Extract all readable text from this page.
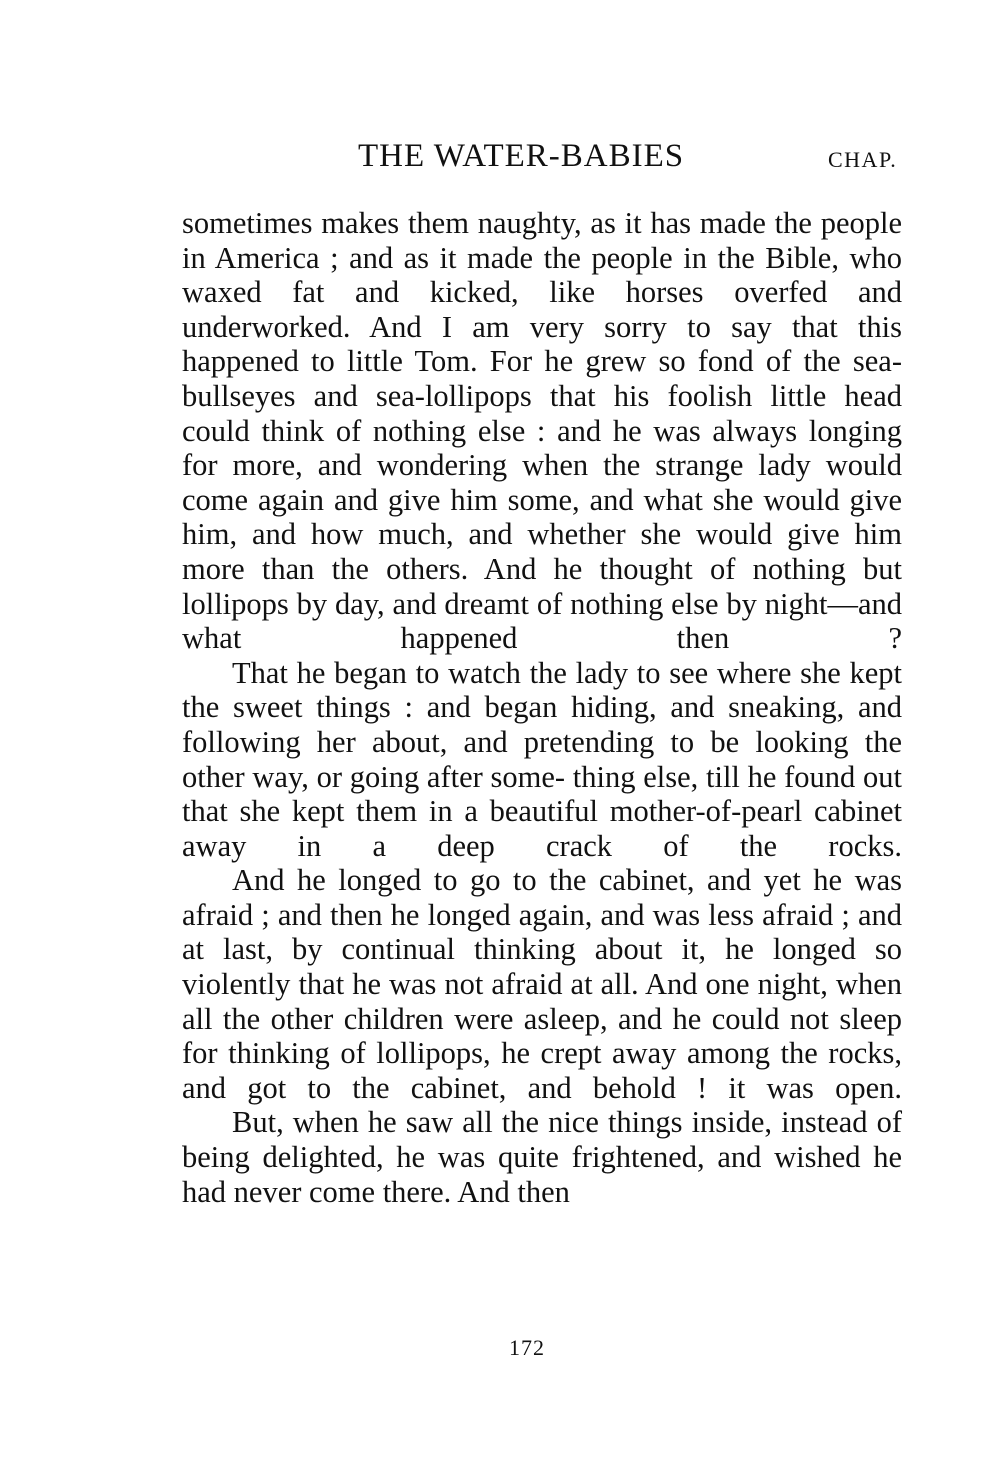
THE WATER-BABIES	CHAP.

sometimes makes them naughty, as it has made the people in America ; and as it made the people in the Bible, who waxed fat and kicked, like horses overfed and underworked. And I am very sorry to say that this happened to little Tom. For he grew so fond of the sea-bullseyes and sea-lollipops that his foolish little head could think of nothing else : and he was always longing for more, and wondering when the strange lady would come again and give him some, and what she would give him, and how much, and whether she would give him more than the others. And he thought of nothing but lollipops by day, and dreamt of nothing else by night—and what happened then ?

That he began to watch the lady to see where she kept the sweet things : and began hiding, and sneaking, and following her about, and pretending to be looking the other way, or going after some- thing else, till he found out that she kept them in a beautiful mother-of-pearl cabinet away in a deep crack of the rocks.

And he longed to go to the cabinet, and yet he was afraid ; and then he longed again, and was less afraid ; and at last, by continual thinking about it, he longed so violently that he was not afraid at all. And one night, when all the other children were asleep, and he could not sleep for thinking of lollipops, he crept away among the rocks, and got to the cabinet, and behold ! it was open.

But, when he saw all the nice things inside, instead of being delighted, he was quite frightened, and wished he had never come there. And then

172
